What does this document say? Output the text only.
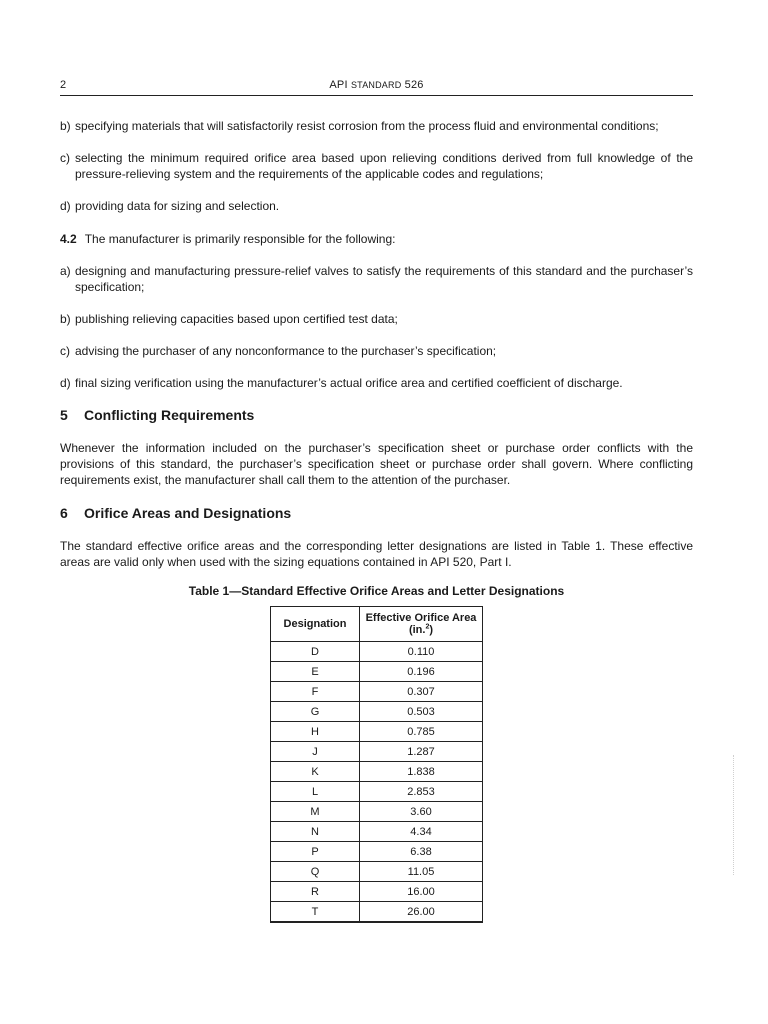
2	API STANDARD 526
b) specifying materials that will satisfactorily resist corrosion from the process fluid and environmental conditions;
c) selecting the minimum required orifice area based upon relieving conditions derived from full knowledge of the pressure-relieving system and the requirements of the applicable codes and regulations;
d) providing data for sizing and selection.
4.2 The manufacturer is primarily responsible for the following:
a) designing and manufacturing pressure-relief valves to satisfy the requirements of this standard and the purchaser’s specification;
b) publishing relieving capacities based upon certified test data;
c) advising the purchaser of any nonconformance to the purchaser’s specification;
d) final sizing verification using the manufacturer’s actual orifice area and certified coefficient of discharge.
5 Conflicting Requirements
Whenever the information included on the purchaser’s specification sheet or purchase order conflicts with the provisions of this standard, the purchaser’s specification sheet or purchase order shall govern. Where conflicting requirements exist, the manufacturer shall call them to the attention of the purchaser.
6 Orifice Areas and Designations
The standard effective orifice areas and the corresponding letter designations are listed in Table 1. These effective areas are valid only when used with the sizing equations contained in API 520, Part I.
Table 1—Standard Effective Orifice Areas and Letter Designations
Designation	Effective Orifice Area
(in.$^2$)
D	0.110
E	0.196
F	0.307
G	0.503
H	0.785
J	1.287
K	1.838
L	2.853
M	3.60
N	4.34
P	6.38
Q	11.05
R	16.00
T	26.00
